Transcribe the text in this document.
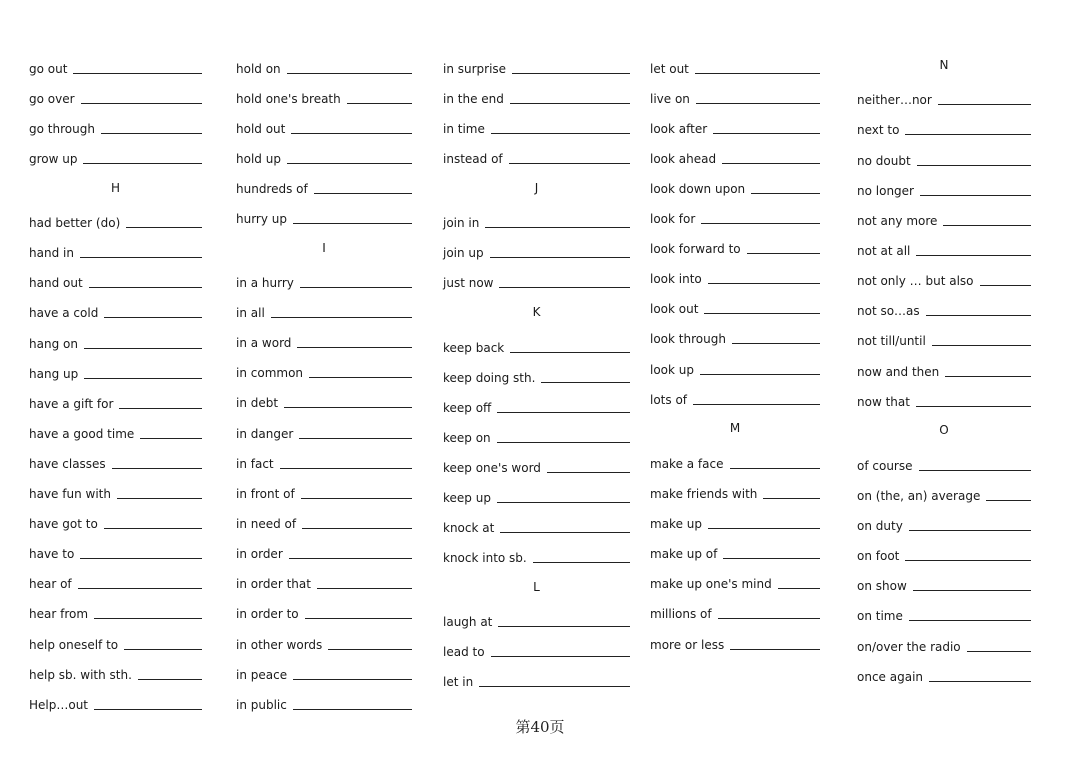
go out
go over
go through
grow up
H
had better (do)
hand in
hand out
have a cold
hang on
hang up
have a gift for
have a good time
have classes
have fun with
have got to
have to
hear of
hear from
help oneself to
help sb. with sth.
Help…out
hold on
hold one's breath
hold out
hold up
hundreds of
hurry up
I
in a hurry
in all
in a word
in common
in debt
in danger
in fact
in front of
in need of
in order
in order that
in order to
in other words
in peace
in public
in surprise
in the end
in time
instead of
J
join in
join up
just now
K
keep back
keep doing sth.
keep off
keep on
keep one's word
keep up
knock at
knock into sb.
L
laugh at
lead to
let in
let out
live on
look after
look ahead
look down upon
look for
look forward to
look into
look out
look through
look up
lots of
M
make a face
make friends with
make up
make up of
make up one's mind
millions of
more or less
N
neither…nor
next to
no doubt
no longer
not any more
not at all
not only … but also
not so…as
not till/until
now and then
now that
O
of course
on (the, an) average
on duty
on foot
on show
on time
on/over the radio
once again
第40页
